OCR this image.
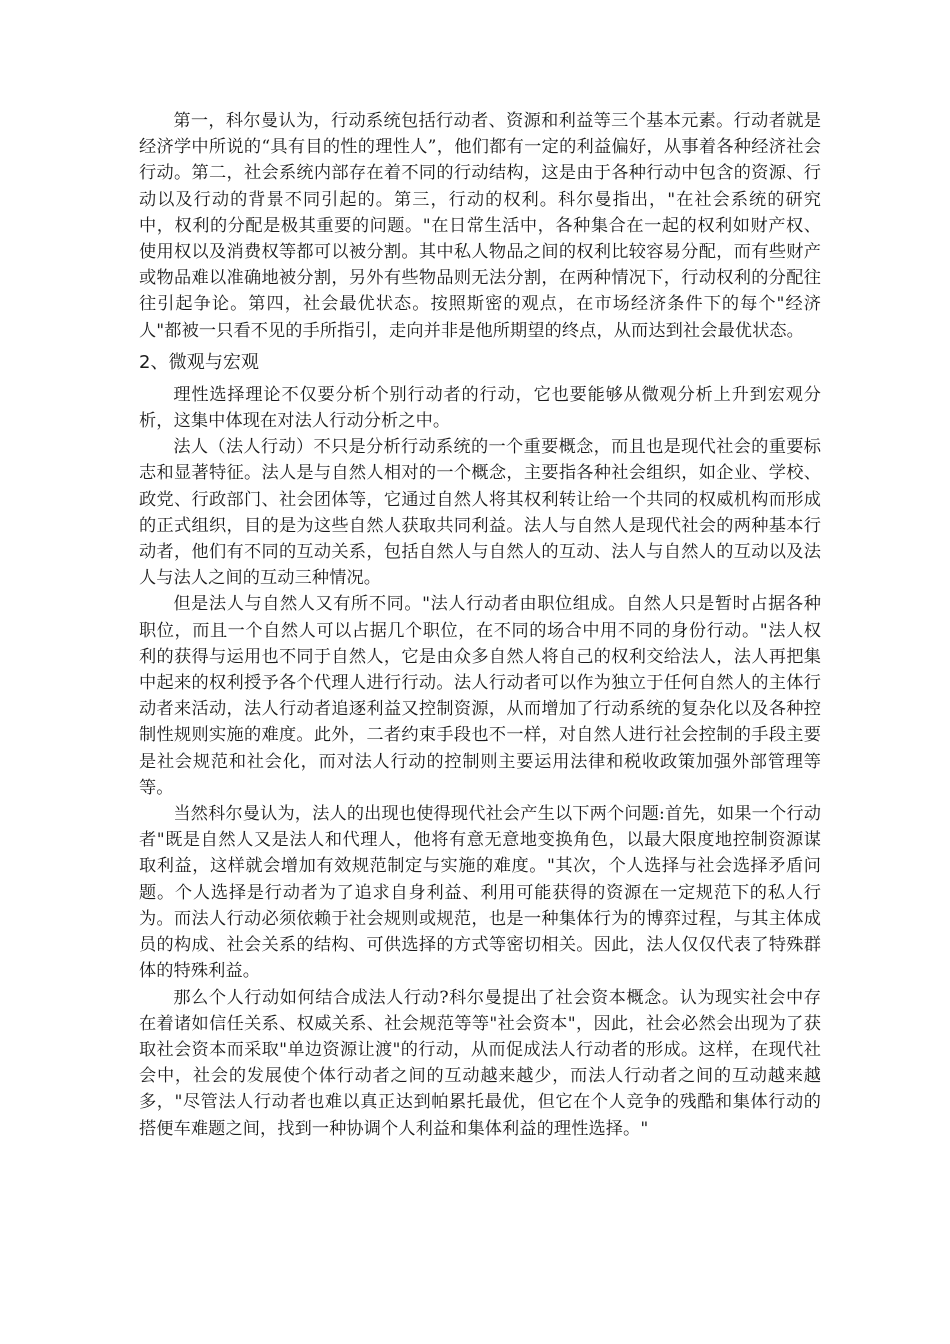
第一，科尔曼认为，行动系统包括行动者、资源和利益等三个基本元素。行动者就是经济学中所说的“具有目的性的理性人”，他们都有一定的利益偏好，从事着各种经济社会行动。第二，社会系统内部存在着不同的行动结构，这是由于各种行动中包含的资源、行动以及行动的背景不同引起的。第三，行动的权利。科尔曼指出，"在社会系统的研究中，权利的分配是极其重要的问题。"在日常生活中，各种集合在一起的权利如财产权、使用权以及消费权等都可以被分割。其中私人物品之间的权利比较容易分配，而有些财产或物品难以准确地被分割，另外有些物品则无法分割，在两种情况下，行动权利的分配往往引起争论。第四，社会最优状态。按照斯密的观点，在市场经济条件下的每个"经济人"都被一只看不见的手所指引，走向并非是他所期望的终点，从而达到社会最优状态。

2、微观与宏观

理性选择理论不仅要分析个别行动者的行动，它也要能够从微观分析上升到宏观分析，这集中体现在对法人行动分析之中。

法人（法人行动）不只是分析行动系统的一个重要概念，而且也是现代社会的重要标志和显著特征。法人是与自然人相对的一个概念，主要指各种社会组织，如企业、学校、政党、行政部门、社会团体等，它通过自然人将其权利转让给一个共同的权威机构而形成的正式组织，目的是为这些自然人获取共同利益。法人与自然人是现代社会的两种基本行动者，他们有不同的互动关系，包括自然人与自然人的互动、法人与自然人的互动以及法人与法人之间的互动三种情况。

但是法人与自然人又有所不同。"法人行动者由职位组成。自然人只是暂时占据各种职位，而且一个自然人可以占据几个职位，在不同的场合中用不同的身份行动。"法人权利的获得与运用也不同于自然人，它是由众多自然人将自己的权利交给法人，法人再把集中起来的权利授予各个代理人进行行动。法人行动者可以作为独立于任何自然人的主体行动者来活动，法人行动者追逐利益又控制资源，从而增加了行动系统的复杂化以及各种控制性规则实施的难度。此外，二者约束手段也不一样，对自然人进行社会控制的手段主要是社会规范和社会化，而对法人行动的控制则主要运用法律和税收政策加强外部管理等等。

当然科尔曼认为，法人的出现也使得现代社会产生以下两个问题:首先，如果一个行动者"既是自然人又是法人和代理人，他将有意无意地变换角色，以最大限度地控制资源谋取利益，这样就会增加有效规范制定与实施的难度。"其次，个人选择与社会选择矛盾问题。个人选择是行动者为了追求自身利益、利用可能获得的资源在一定规范下的私人行为。而法人行动必须依赖于社会规则或规范，也是一种集体行为的博弈过程，与其主体成员的构成、社会关系的结构、可供选择的方式等密切相关。因此，法人仅仅代表了特殊群体的特殊利益。

那么个人行动如何结合成法人行动?科尔曼提出了社会资本概念。认为现实社会中存在着诸如信任关系、权威关系、社会规范等等"社会资本"，因此，社会必然会出现为了获取社会资本而采取"单边资源让渡"的行动，从而促成法人行动者的形成。这样，在现代社会中，社会的发展使个体行动者之间的互动越来越少，而法人行动者之间的互动越来越多，"尽管法人行动者也难以真正达到帕累托最优，但它在个人竞争的残酷和集体行动的搭便车难题之间，找到一种协调个人利益和集体利益的理性选择。"
